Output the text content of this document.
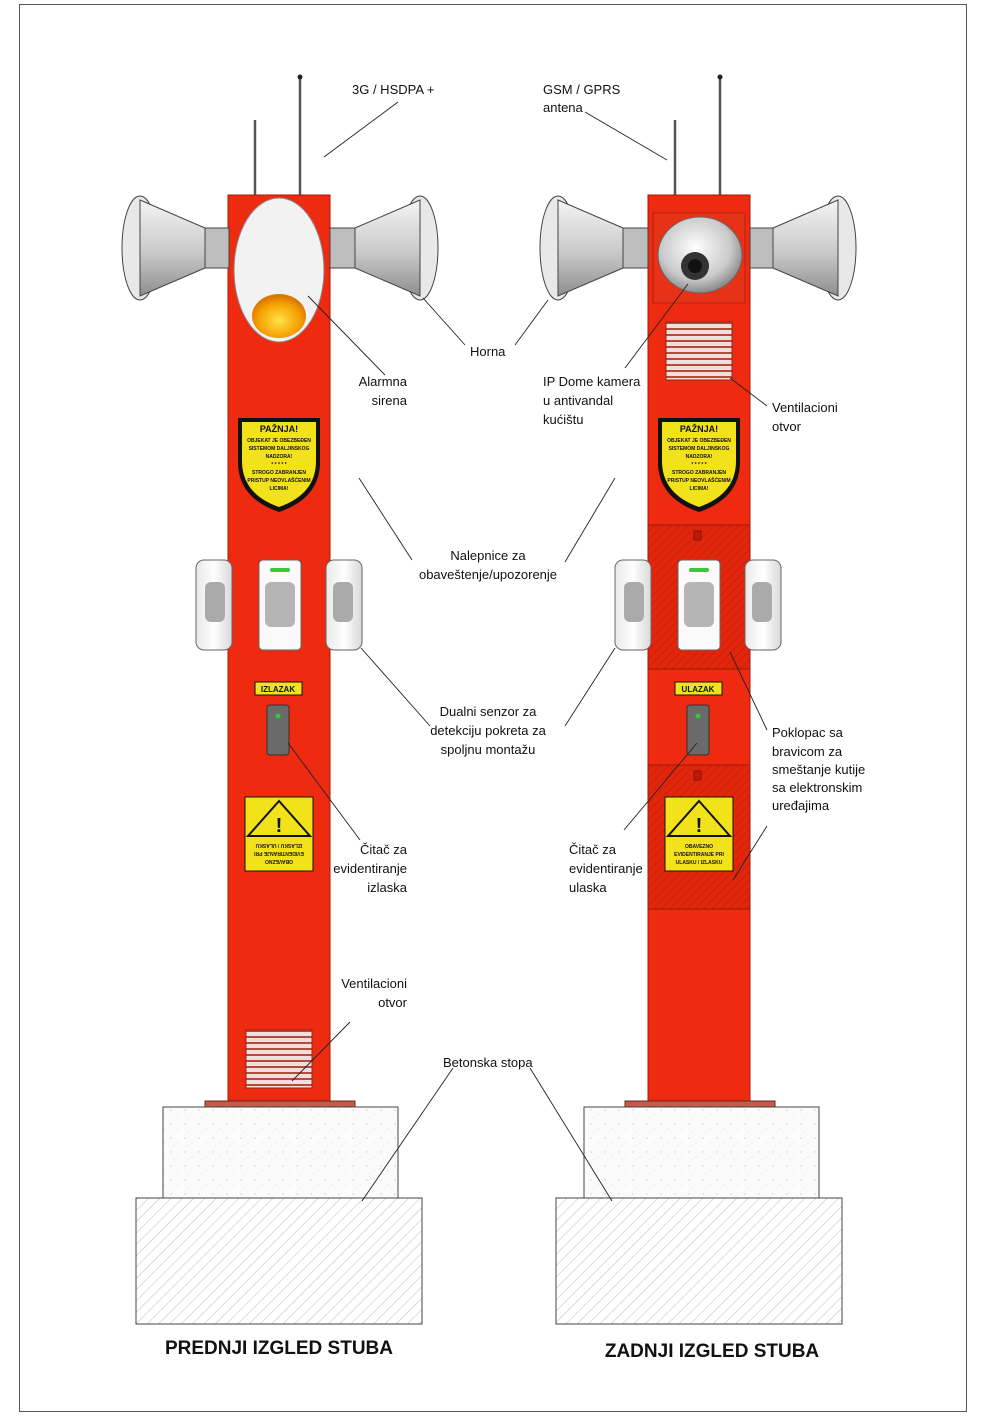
PAŽNJA!
OBJEKAT JE OBEZBEĐEN
SISTEMOM DALJINSKOG
NADZORA!
* * * * *
STROGO ZABRANJEN
PRISTUP NEOVLAŠĆENIM
LICIMA!
IZLAZAK
!
OBAVEZNO
EVIDENTIRANJE PRI
IZLASKU / ULASKU
PAŽNJA!
OBJEKAT JE OBEZBEĐEN
SISTEMOM DALJINSKOG
NADZORA!
* * * * *
STROGO ZABRANJEN
PRISTUP NEOVLAŠĆENIM
LICIMA!
ULAZAK
!
OBAVEZNO
EVIDENTIRANJE PRI
ULASKU / IZLASKU
3G / HSDPA +	GSM / GPRS
antena
Horna
Alarmna
sirena
IP Dome kamera
u antivandal
kućištu
Ventilacioni
otvor
Nalepnice za
obaveštenje/upozorenje
Dualni senzor za
detekciju pokreta za
spoljnu montažu
Poklopac sa
bravicom za
smeštanje kutije
sa elektronskim
uređajima
Čitač za
evidentiranje
izlaska
Čitač za
evidentiranje
ulaska
Ventilacioni
otvor
Betonska stopa
PREDNJI IZGLED STUBA	ZADNJI IZGLED STUBA
